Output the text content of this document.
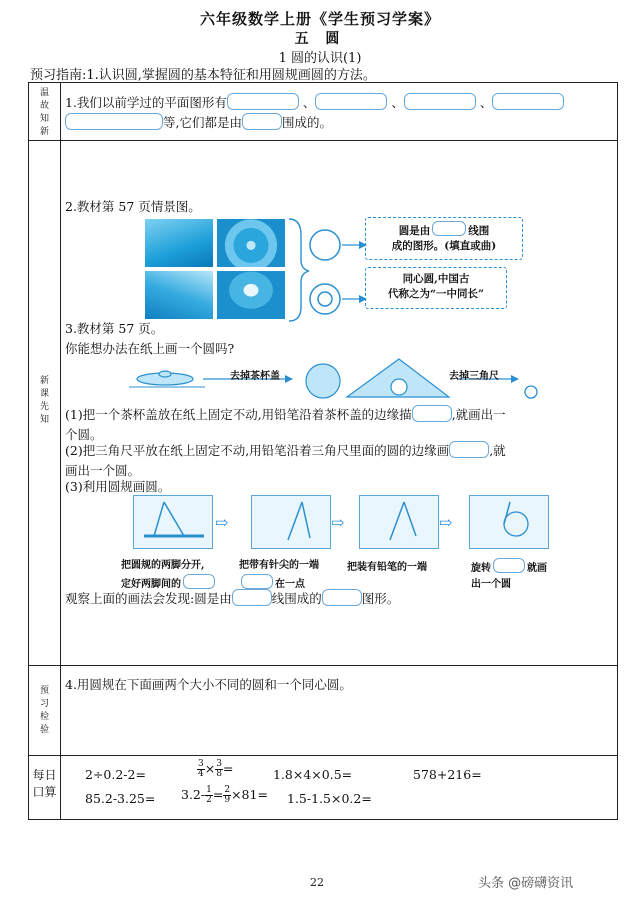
六年级数学上册《学生预习学案》
五 圆
1 圆的认识(1)
预习指南:1.认识圆,掌握圆的基本特征和用圆规画圆的方法。
温
故
知
新
1.我们以前学过的平面图形有	、	、	、
等,它们都是由	围成的。
新
课
先
知
2.教材第 57 页情景图。
圆是由	线围
成的图形。(填直或曲)
同心圆,中国古
代称之为“一中同长”
3.教材第 57 页。
你能想办法在纸上画一个圆吗?
去掉茶杯盖	去掉三角尺
(1)把一个茶杯盖放在纸上固定不动,用铅笔沿着茶杯盖的边缘描	,就画出一
个圆。
(2)把三角尺平放在纸上固定不动,用铅笔沿着三角尺里面的圆的边缘画	,就
画出一个圆。
(3)利用圆规画圆。
⇨	⇨	⇨
把圆规的两脚分开,
定好两脚间的
把带有针尖的一端
在一点
把装有铅笔的一端	旋转	就画
出一个圆
观察上面的画法会发现:圆是由	线围成的	图形。
预
习
检
验
4.用圆规在下面画两个大小不同的圆和一个同心圆。
每日
口算
2÷0.2-2=	$\frac{3}{4} \times \frac{3}{8}$ =	1.8×4×0.5=	578+216=
$85.2-3.25= 3.2- \frac{1}{2} = \frac{2}{9} \times 81= 1.5-1.5\times 0.2=$
22	头条 @磅礴资讯
